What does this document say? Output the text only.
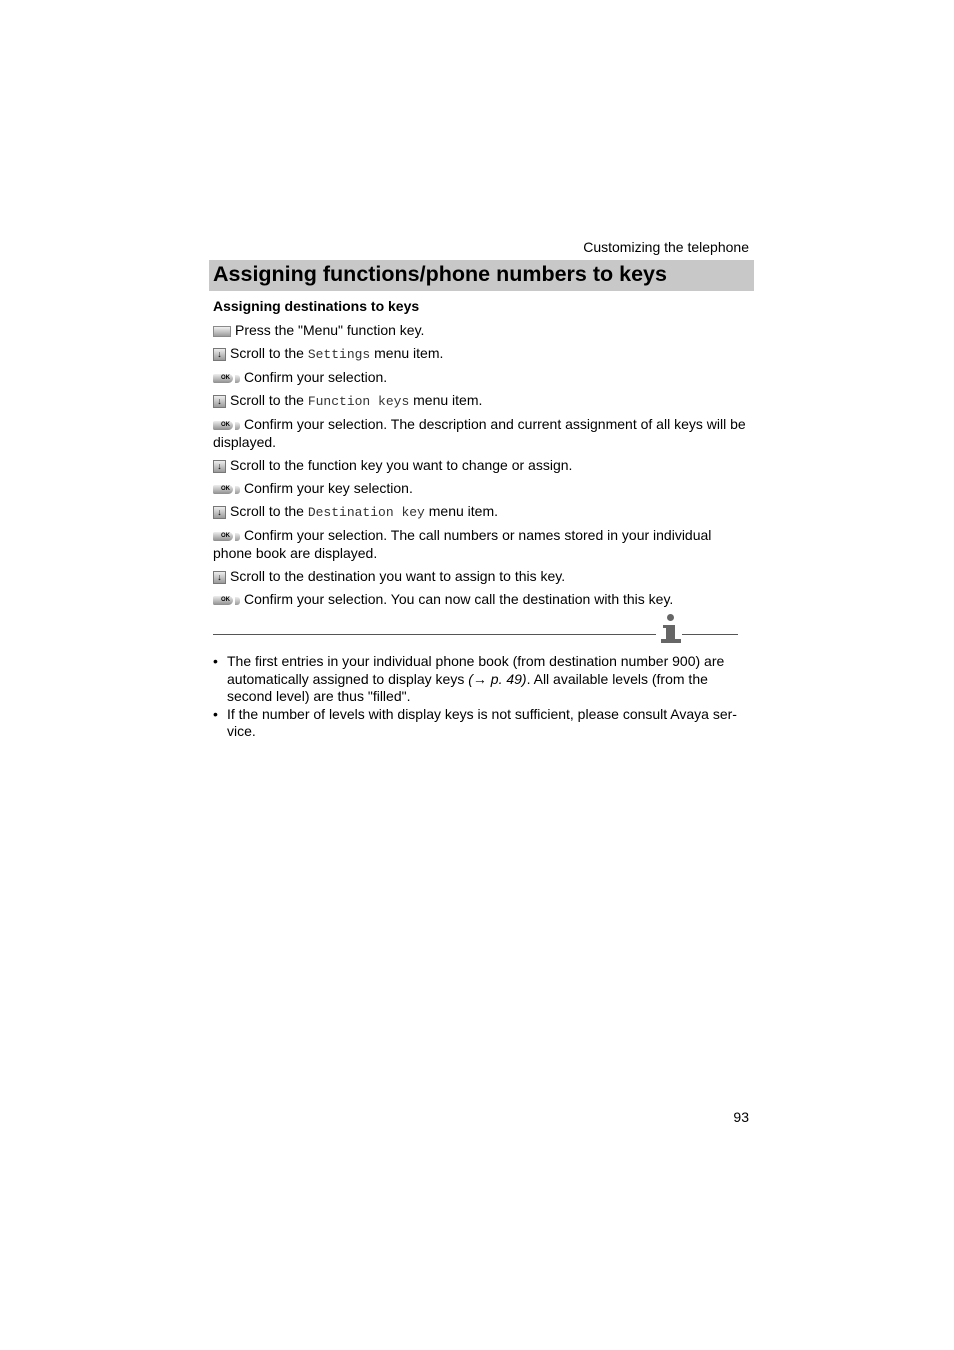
Customizing the telephone
Assigning functions/phone numbers to keys
Assigning destinations to keys
Press the "Menu" function key.
↓ Scroll to the Settings menu item.
OK Confirm your selection.
↓ Scroll to the Function keys menu item.
OK Confirm your selection. The description and current assignment of all keys will be displayed.
↓ Scroll to the function key you want to change or assign.
OK Confirm your key selection.
↓ Scroll to the Destination key menu item.
OK Confirm your selection. The call numbers or names stored in your individual phone book are displayed.
↓ Scroll to the destination you want to assign to this key.
OK Confirm your selection. You can now call the destination with this key.
• The first entries in your individual phone book (from destination number 900) are automatically assigned to display keys (→ p. 49). All available levels (from the second level) are thus "filled".
• If the number of levels with display keys is not sufficient, please consult Avaya ser- vice.
93
